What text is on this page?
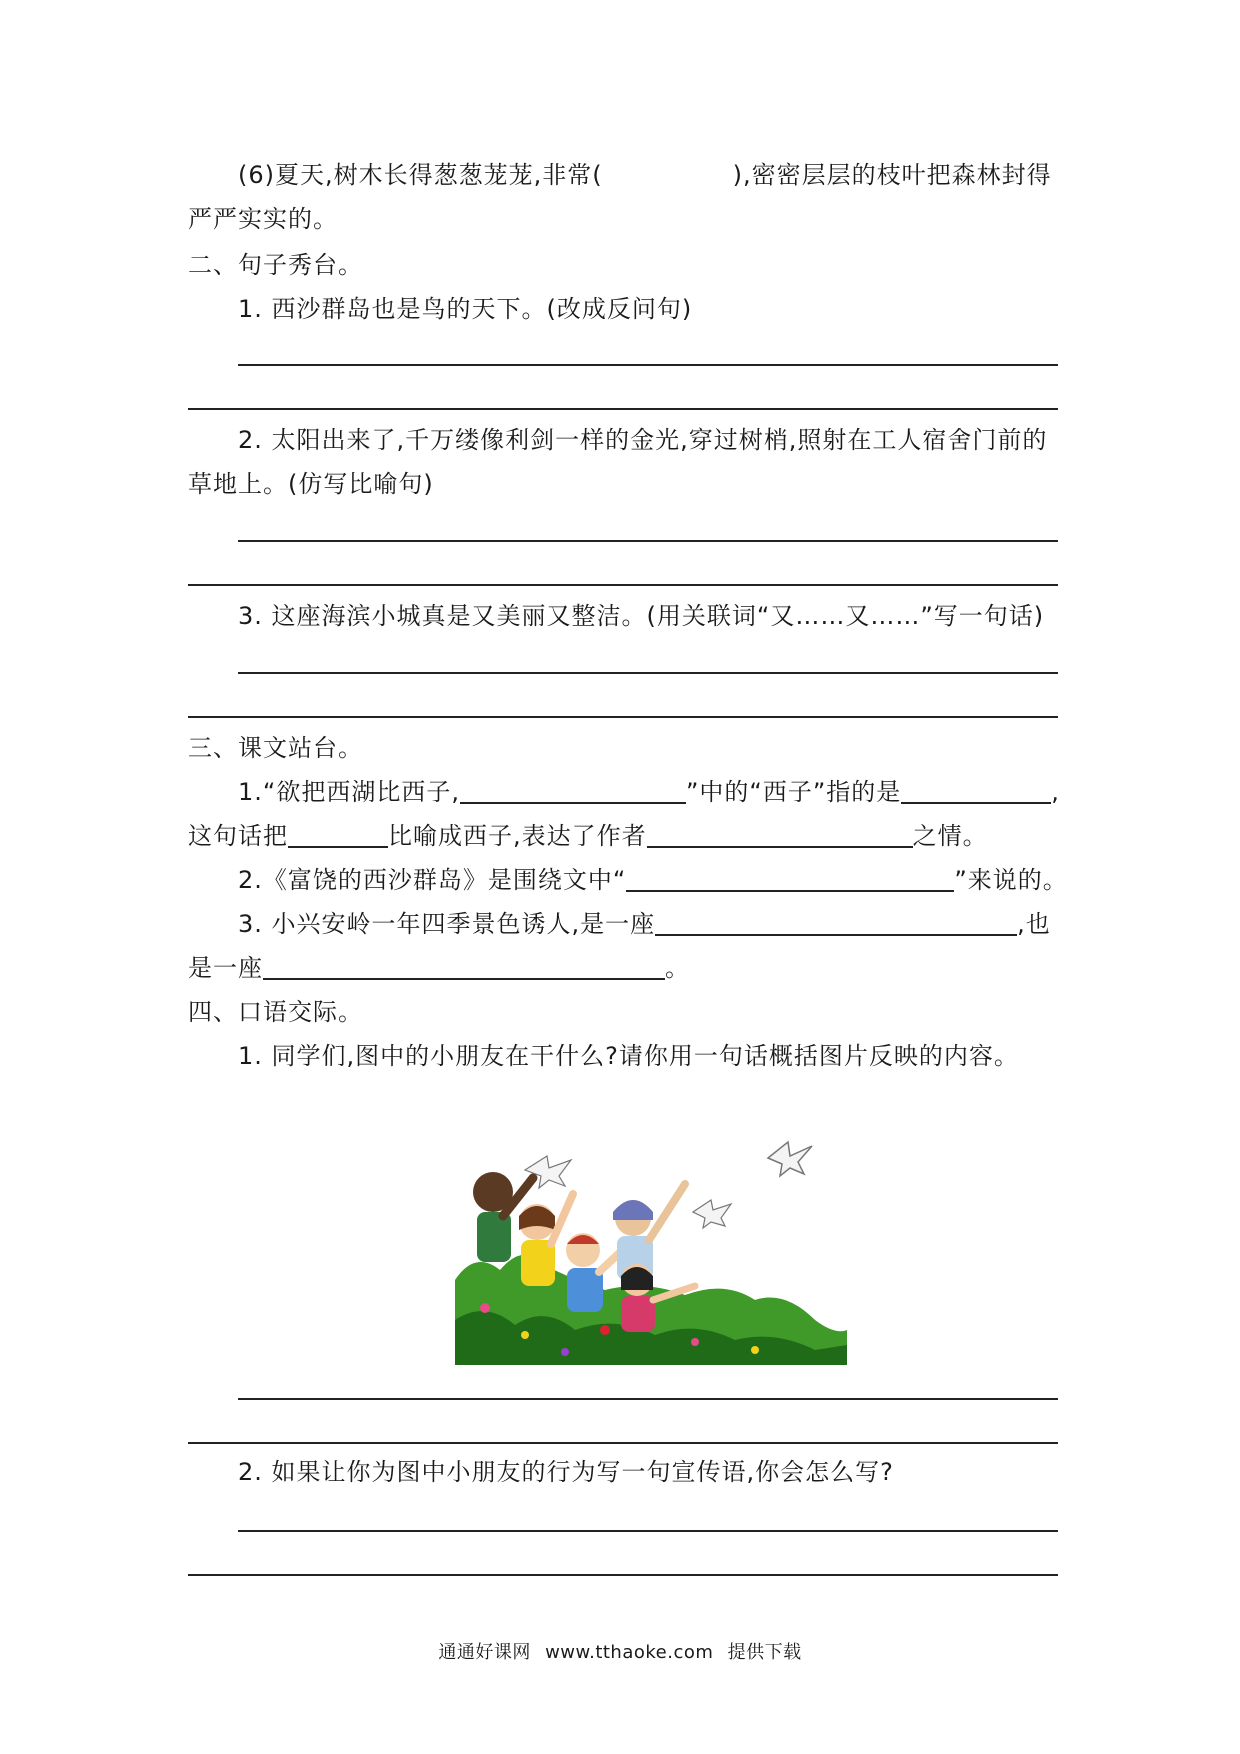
(6)夏天,树木长得葱葱茏茏,非常(	),密密层层的枝叶把森林封得
严严实实的。
二、句子秀台。
1. 西沙群岛也是鸟的天下。(改成反问句)
2. 太阳出来了,千万缕像利剑一样的金光,穿过树梢,照射在工人宿舍门前的
草地上。(仿写比喻句)
3. 这座海滨小城真是又美丽又整洁。(用关联词“又……又……”写一句话)
三、课文站台。
1.“欲把西湖比西子,	”中的“西子”指的是	,
这句话把	比喻成西子,表达了作者	之情。
2.《富饶的西沙群岛》是围绕文中“	”来说的。
3. 小兴安岭一年四季景色诱人,是一座	,也
是一座	。
四、口语交际。
1. 同学们,图中的小朋友在干什么?请你用一句话概括图片反映的内容。
2. 如果让你为图中小朋友的行为写一句宣传语,你会怎么写?
通通好课网 www.tthaoke.com 提供下载
